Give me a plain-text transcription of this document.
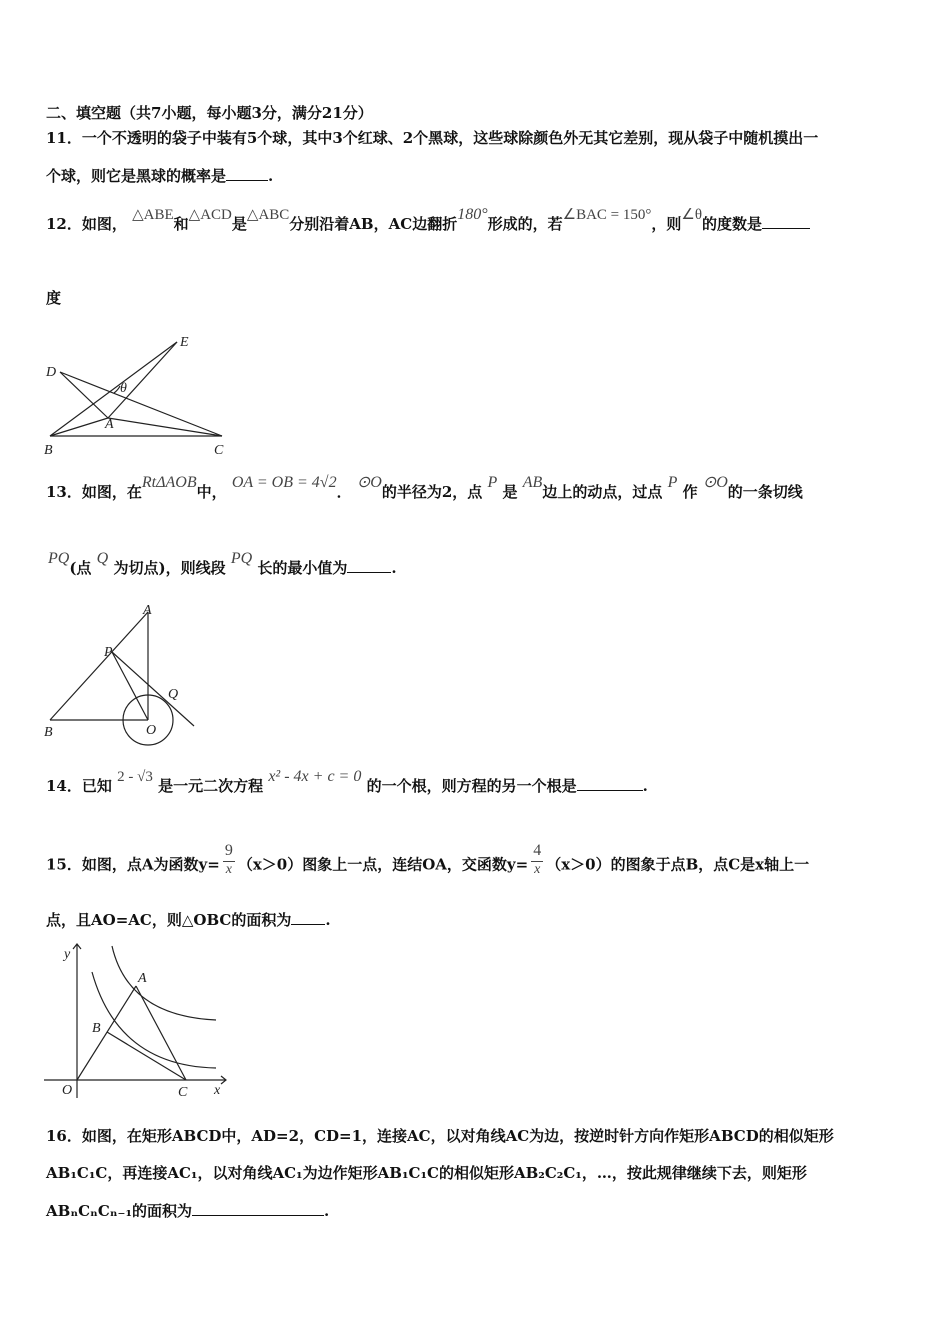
二、填空题（共7小题，每小题3分，满分21分）
11．一个不透明的袋子中装有5个球，其中3个红球、2个黑球，这些球除颜色外无其它差别，现从袋子中随机摸出一
个球，则它是黑球的概率是	.
12．如图， △ABE和△ACD是△ABC分别沿着AB，AC边翻折180°形成的，若∠BAC = 150°，则∠θ的度数是
度
D
E
B	C
A
θ
13．如图，在RtΔAOB中， OA = OB = 4√2． ⊙O的半径为2，点 P 是 AB边上的动点，过点 P 作 ⊙O的一条切线
PQ(点 Q 为切点)，则线段 PQ 长的最小值为	.
A
P
Q
B	O
14．已知 2 - √3 是一元二次方程 x² - 4x + c = 0 的一个根，则方程的另一个根是	.
15．如图，点A为函数$y= \frac{9}{x} (x>0)$图象上一点，连结OA，交函数$y= \frac{4}{x} (x>0)$的图象于点B，点C是x轴上一
点，且AO=AC，则△OBC的面积为 .
y
x
O
A
B
C
16．如图，在矩形ABCD中，AD=2，CD=1，连接AC，以对角线AC为边，按逆时针方向作矩形ABCD的相似矩形
AB₁C₁C，再连接AC₁，以对角线AC₁为边作矩形AB₁C₁C的相似矩形AB₂C₂C₁，…，按此规律继续下去，则矩形
ABₙCₙCₙ₋₁的面积为	.
